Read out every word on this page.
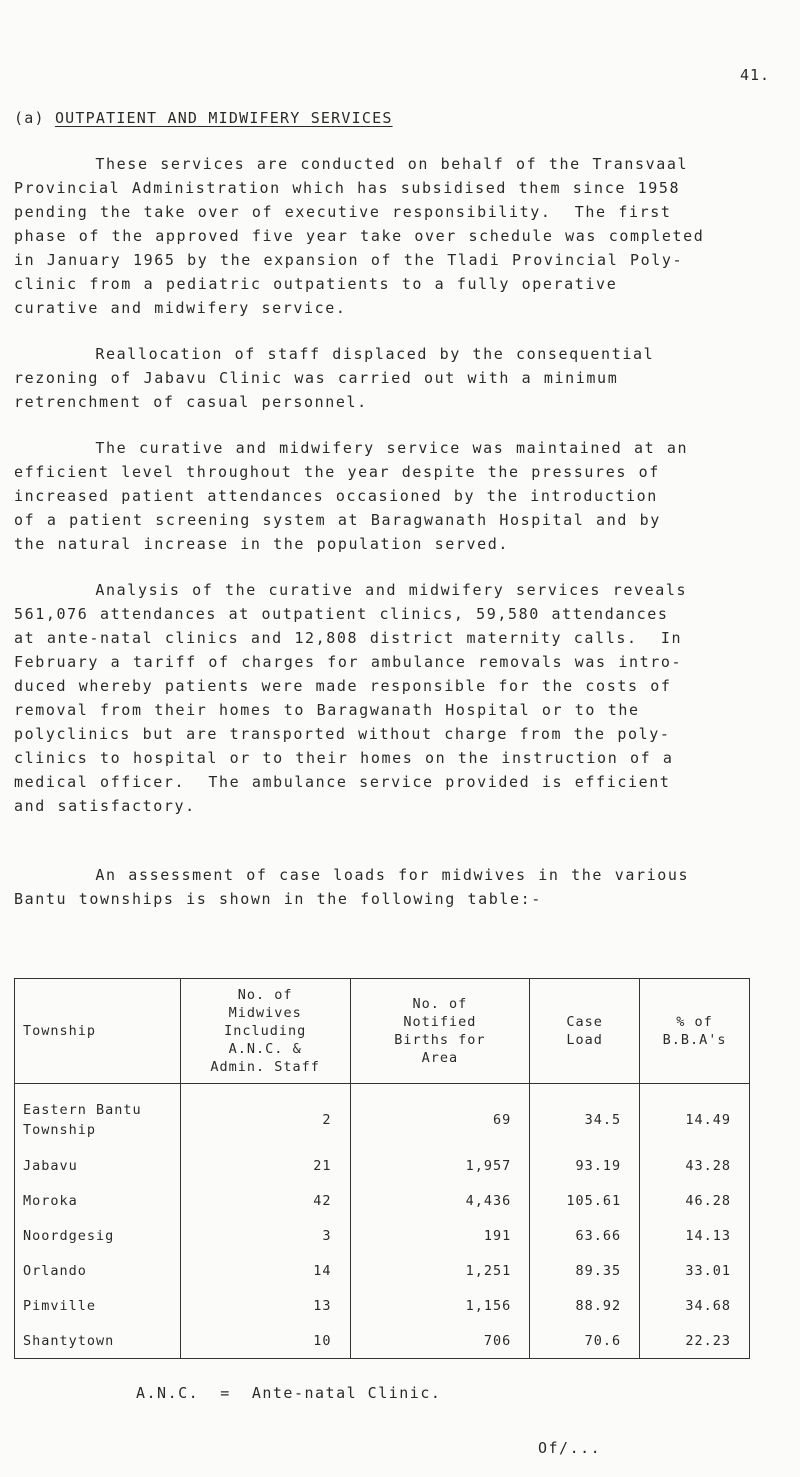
41.
(a) OUTPATIENT AND MIDWIFERY SERVICES

These services are conducted on behalf of the Transvaal
Provincial Administration which has subsidised them since 1958
pending the take over of executive responsibility.  The first
phase of the approved five year take over schedule was completed
in January 1965 by the expansion of the Tladi Provincial Poly-
clinic from a pediatric outpatients to a fully operative
curative and midwifery service.

Reallocation of staff displaced by the consequential
rezoning of Jabavu Clinic was carried out with a minimum
retrenchment of casual personnel.

The curative and midwifery service was maintained at an
efficient level throughout the year despite the pressures of
increased patient attendances occasioned by the introduction
of a patient screening system at Baragwanath Hospital and by
the natural increase in the population served.

Analysis of the curative and midwifery services reveals
561,076 attendances at outpatient clinics, 59,580 attendances
at ante-natal clinics and 12,808 district maternity calls.  In
February a tariff of charges for ambulance removals was intro-
duced whereby patients were made responsible for the costs of
removal from their homes to Baragwanath Hospital or to the
polyclinics but are transported without charge from the poly-
clinics to hospital or to their homes on the instruction of a
medical officer.  The ambulance service provided is efficient
and satisfactory.

An assessment of case loads for midwives in the various
Bantu townships is shown in the following table:-

Township	No. of
Midwives
Including
A.N.C. &
Admin. Staff	No. of
Notified
Births for
Area	Case
Load	% of
B.B.A's
Eastern Bantu
Township	2	69	34.5	14.49
Jabavu	21	1,957	93.19	43.28
Moroka	42	4,436	105.61	46.28
Noordgesig	3	191	63.66	14.13
Orlando	14	1,251	89.35	33.01
Pimville	13	1,156	88.92	34.68
Shantytown	10	706	70.6	22.23
A.N.C. = Ante-natal Clinic.
Of/...
